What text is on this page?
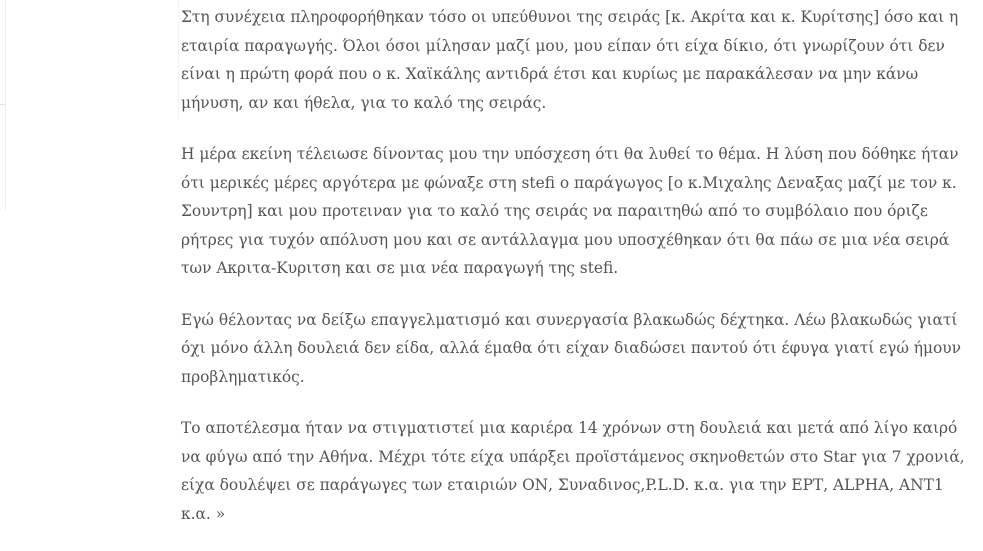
Στη συνέχεια πληροφορήθηκαν τόσο οι υπεύθυνοι της σειράς [κ. Ακρίτα και κ. Κυρίτσης] όσο και η εταιρία παραγωγής. Όλοι όσοι μίλησαν μαζί μου, μου είπαν ότι είχα δίκιο, ότι γνωρίζουν ότι δεν είναι η πρώτη φορά που ο κ. Χαϊκάλης αντιδρά έτσι και κυρίως με παρακάλεσαν να μην κάνω μήνυση, αν και ήθελα, για το καλό της σειράς.

Η μέρα εκείνη τέλειωσε δίνοντας μου την υπόσχεση ότι θα λυθεί το θέμα. Η λύση που δόθηκε ήταν ότι μερικές μέρες αργότερα με φώναξε στη stefi ο παράγωγος [ο κ.Μιχαλης Δεναξας μαζί με τον κ. Σουντρη] και μου προτειναν για το καλό της σειράς να παραιτηθώ από το συμβόλαιο που όριζε ρήτρες για τυχόν απόλυση μου και σε αντάλλαγμα μου υποσχέθηκαν ότι θα πάω σε μια νέα σειρά των Ακριτα-Κυριτση και σε μια νέα παραγωγή της stefi.

Εγώ θέλοντας να δείξω επαγγελματισμό και συνεργασία βλακωδώς δέχτηκα. Λέω βλακωδώς γιατί όχι μόνο άλλη δουλειά δεν είδα, αλλά έμαθα ότι είχαν διαδώσει παντού ότι έφυγα γιατί εγώ ήμουν προβληματικός.

Το αποτέλεσμα ήταν να στιγματιστεί μια καριέρα 14 χρόνων στη δουλειά και μετά από λίγο καιρό να φύγω από την Αθήνα. Μέχρι τότε είχα υπάρξει προϊστάμενος σκηνοθετών στο Star για 7 χρονιά, είχα δουλέψει σε παράγωγες των εταιριών ΟΝ, Συναδινος,P.L.D. κ.α. για την ΕΡΤ, ALPHA, ANT1 κ.α. »
